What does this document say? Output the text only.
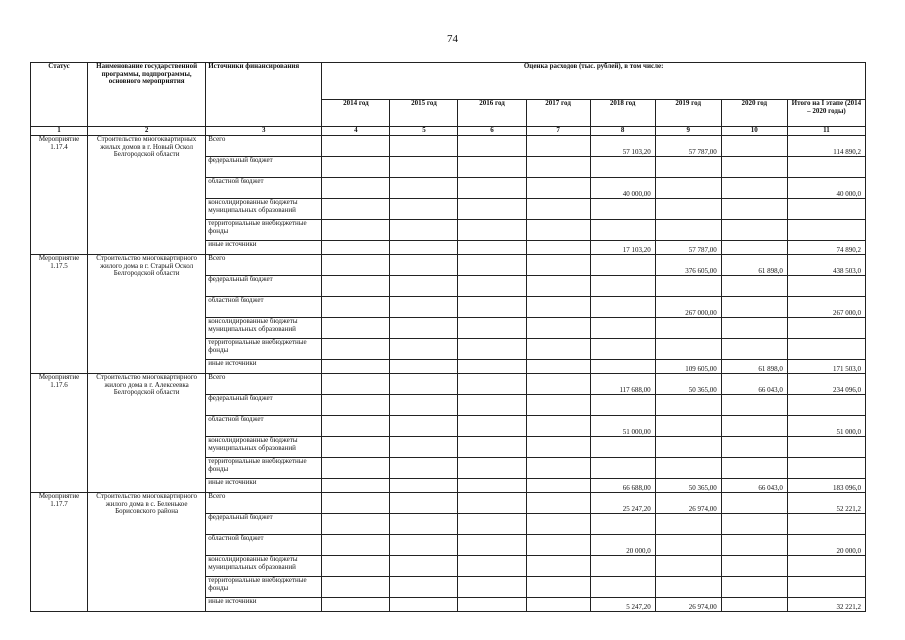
74
Статус	Наименование государственной программы, подпрограммы, основного мероприятия	Источники финансирования	Оценка расходов (тыс. рублей), в том числе:							
			2014 год	2015 год	2016 год	2017 год	2018 год	2019 год	2020 год	Итого на I этапе (2014 – 2020 годы)
1	2	3	4	5	6	7	8	9	10	11
Мероприятие 1.17.4	Строительство многоквартирных жилых домов в г. Новый Оскол Белгородской области	Всего					57 103,20	57 787,00		114 890,2
		федеральный бюджет								
		областной бюджет					40 000,00			40 000,0
		консолидированные бюджеты муниципальных образований								
		территориальные внебюджетные фонды								
		иные источники					17 103,20	57 787,00		74 890,2
Мероприятие 1.17.5	Строительство многоквартирного жилого дома в г. Старый Оскол Белгородской области	Всего						376 605,00	61 898,0	438 503,0
		федеральный бюджет								
		областной бюджет						267 000,00		267 000,0
		консолидированные бюджеты муниципальных образований								
		территориальные внебюджетные фонды								
		иные источники						109 605,00	61 898,0	171 503,0
Мероприятие 1.17.6	Строительство многоквартирного жилого дома в г. Алексеевка Белгородской области	Всего					117 688,00	50 365,00	66 043,0	234 096,0
		федеральный бюджет								
		областной бюджет					51 000,00			51 000,0
		консолидированные бюджеты муниципальных образований								
		территориальные внебюджетные фонды								
		иные источники					66 688,00	50 365,00	66 043,0	183 096,0
Мероприятие 1.17.7	Строительство многоквартирного жилого дома в с. Беленькое Борисовского района	Всего					25 247,20	26 974,00		52 221,2
		федеральный бюджет								
		областной бюджет					20 000,0			20 000,0
		консолидированные бюджеты муниципальных образований								
		территориальные внебюджетные фонды								
		иные источники					5 247,20	26 974,00		32 221,2
